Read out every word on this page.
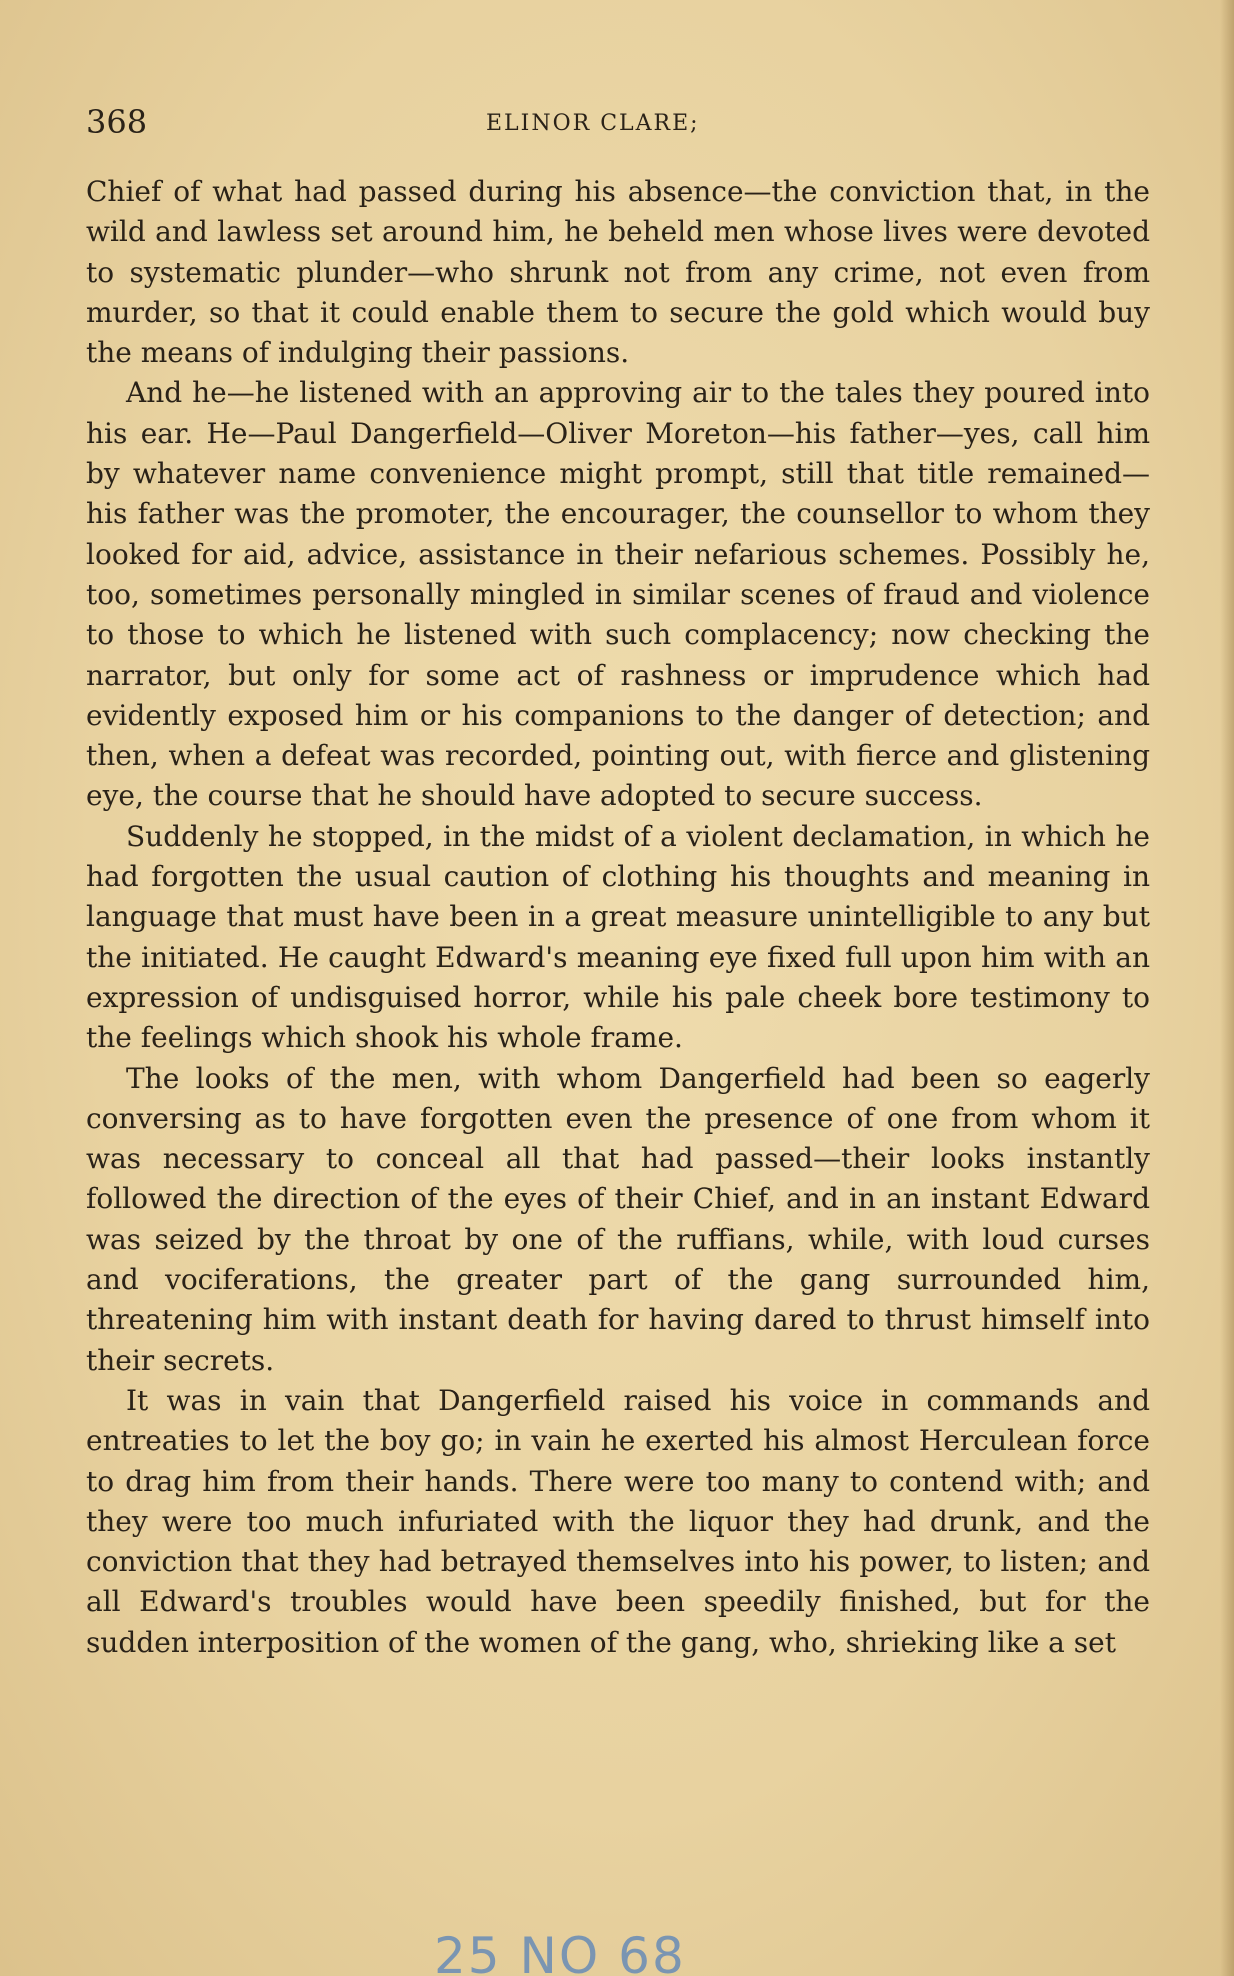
368	ELINOR CLARE;

Chief of what had passed during his absence—the conviction that, in the wild and lawless set around him, he beheld men whose lives were devoted to systematic plunder—who shrunk not from any crime, not even from murder, so that it could enable them to secure the gold which would buy the means of indulging their passions.

And he—he listened with an approving air to the tales they poured into his ear. He—Paul Dangerfield—Oliver Moreton—his father—yes, call him by whatever name convenience might prompt, still that title remained—his father was the promoter, the encourager, the counsellor to whom they looked for aid, advice, assistance in their nefarious schemes. Possibly he, too, sometimes personally mingled in similar scenes of fraud and violence to those to which he listened with such complacency; now checking the narrator, but only for some act of rashness or imprudence which had evidently exposed him or his companions to the danger of detection; and then, when a defeat was recorded, pointing out, with fierce and glistening eye, the course that he should have adopted to secure success.

Suddenly he stopped, in the midst of a violent declamation, in which he had forgotten the usual caution of clothing his thoughts and meaning in language that must have been in a great measure unintelligible to any but the initiated. He caught Edward's meaning eye fixed full upon him with an expression of undisguised horror, while his pale cheek bore testimony to the feelings which shook his whole frame.

The looks of the men, with whom Dangerfield had been so eagerly conversing as to have forgotten even the presence of one from whom it was necessary to conceal all that had passed—their looks instantly followed the direction of the eyes of their Chief, and in an instant Edward was seized by the throat by one of the ruffians, while, with loud curses and vociferations, the greater part of the gang surrounded him, threatening him with instant death for having dared to thrust himself into their secrets.

It was in vain that Dangerfield raised his voice in commands and entreaties to let the boy go; in vain he exerted his almost Herculean force to drag him from their hands. There were too many to contend with; and they were too much infuriated with the liquor they had drunk, and the conviction that they had betrayed themselves into his power, to listen; and all Edward's troubles would have been speedily finished, but for the sudden interposition of the women of the gang, who, shrieking like a set

25 NO 68
